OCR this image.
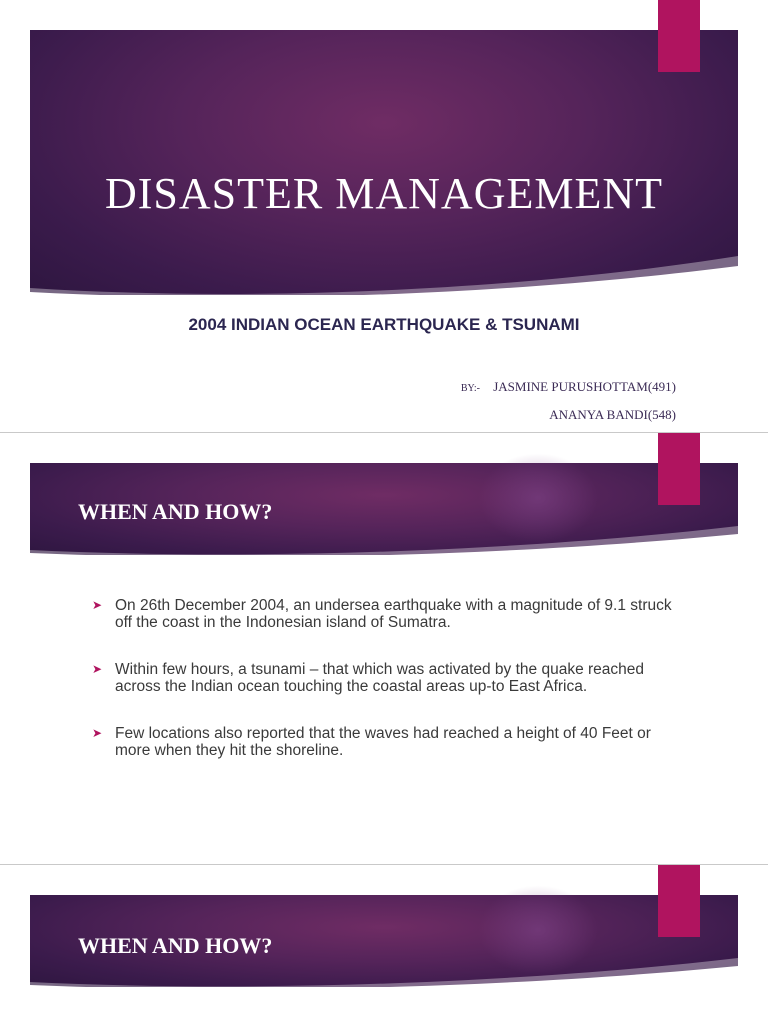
DISASTER MANAGEMENT
2004 INDIAN OCEAN EARTHQUAKE & TSUNAMI
BY:- JASMINE PURUSHOTTAM(491)
ANANYA BANDI(548)
WHEN AND HOW?
➤ On 26th December 2004, an undersea earthquake with a magnitude of 9.1 struck off the coast in the Indonesian island of Sumatra.
➤ Within few hours, a tsunami – that which was activated by the quake reached across the Indian ocean touching the coastal areas up-to East Africa.
➤ Few locations also reported that the waves had reached a height of 40 Feet or more when they hit the shoreline.
WHEN AND HOW?
